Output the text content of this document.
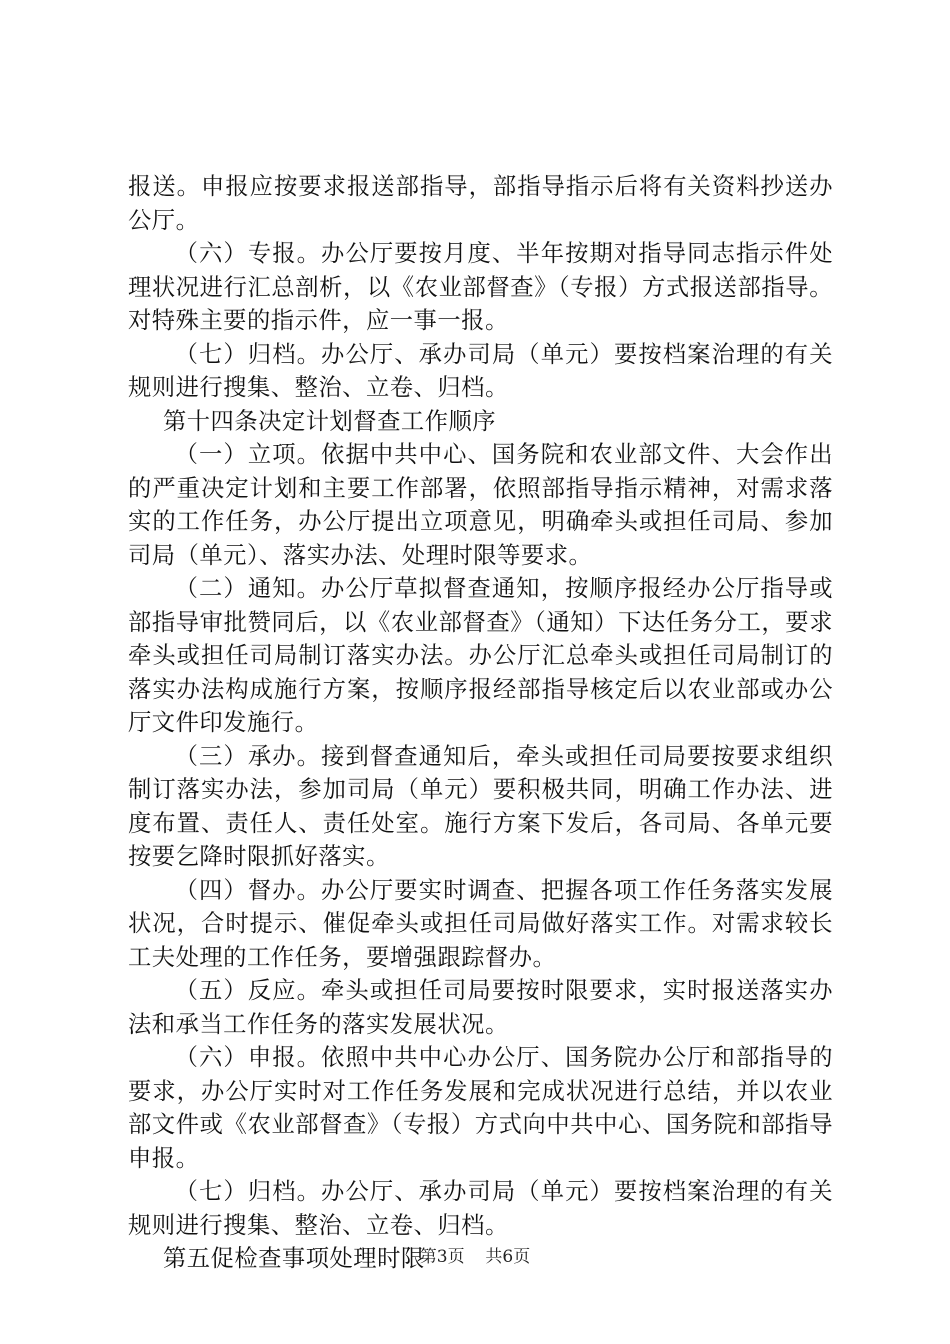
报送。申报应按要求报送部指导，部指导指示后将有关资料抄送办公厅。

（六）专报。办公厅要按月度、半年按期对指导同志指示件处理状况进行汇总剖析，以《农业部督查》（专报）方式报送部指导。对特殊主要的指示件，应一事一报。

（七）归档。办公厅、承办司局（单元）要按档案治理的有关规则进行搜集、整治、立卷、归档。

第十四条决定计划督查工作顺序

（一）立项。依据中共中心、国务院和农业部文件、大会作出的严重决定计划和主要工作部署，依照部指导指示精神，对需求落实的工作任务，办公厅提出立项意见，明确牵头或担任司局、参加司局（单元）、落实办法、处理时限等要求。

（二）通知。办公厅草拟督查通知，按顺序报经办公厅指导或部指导审批赞同后，以《农业部督查》（通知）下达任务分工，要求牵头或担任司局制订落实办法。办公厅汇总牵头或担任司局制订的落实办法构成施行方案，按顺序报经部指导核定后以农业部或办公厅文件印发施行。

（三）承办。接到督查通知后，牵头或担任司局要按要求组织制订落实办法，参加司局（单元）要积极共同，明确工作办法、进度布置、责任人、责任处室。施行方案下发后，各司局、各单元要按要乞降时限抓好落实。

（四）督办。办公厅要实时调查、把握各项工作任务落实发展状况，合时提示、催促牵头或担任司局做好落实工作。对需求较长工夫处理的工作任务，要增强跟踪督办。

（五）反应。牵头或担任司局要按时限要求，实时报送落实办法和承当工作任务的落实发展状况。

（六）申报。依照中共中心办公厅、国务院办公厅和部指导的要求，办公厅实时对工作任务发展和完成状况进行总结，并以农业部文件或《农业部督查》（专报）方式向中共中心、国务院和部指导申报。

（七）归档。办公厅、承办司局（单元）要按档案治理的有关规则进行搜集、整治、立卷、归档。

第五促检查事项处理时限

第3页 共6页
